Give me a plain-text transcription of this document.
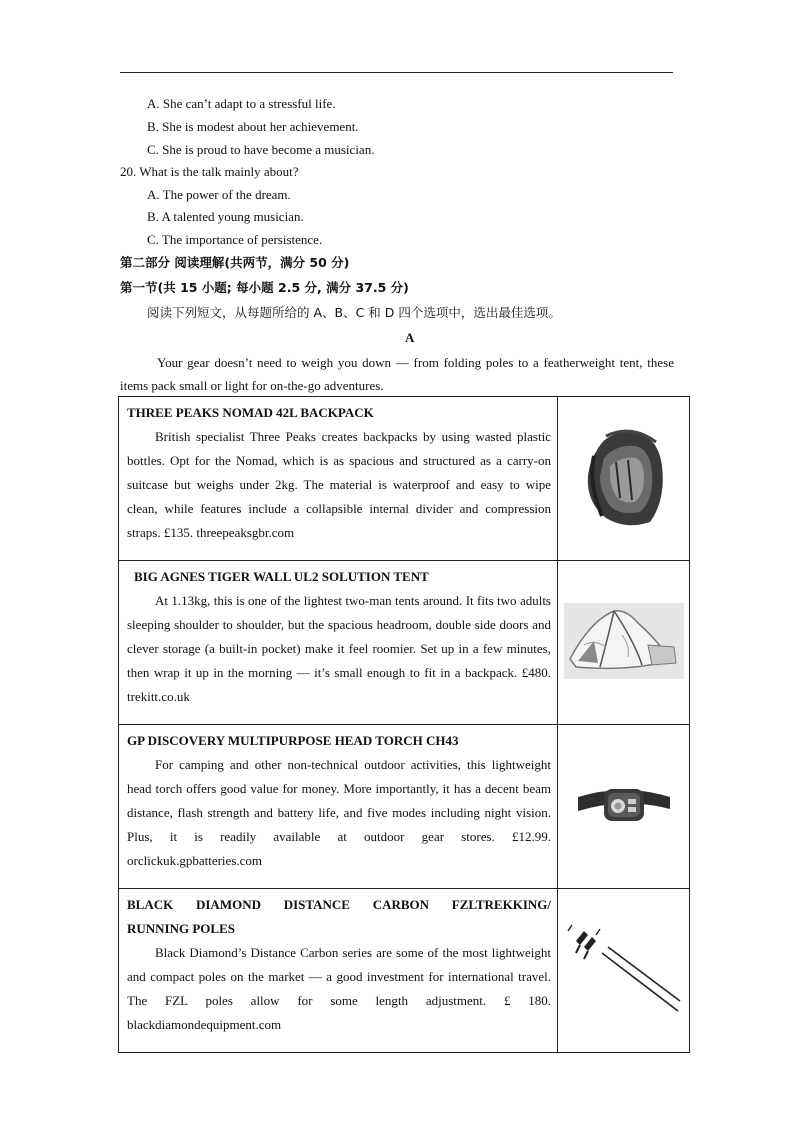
A. She can’t adapt to a stressful life.
B. She is modest about her achievement.
C. She is proud to have become a musician.
20. What is the talk mainly about?
A. The power of the dream.
B. A talented young musician.
C. The importance of persistence.
第二部分 阅读理解(共两节，满分 50 分)
第一节(共 15 小题; 每小题 2.5 分, 满分 37.5 分)
阅读下列短文，从每题所给的 A、B、C 和 D 四个选项中，选出最佳选项。
A

Your gear doesn’t need to weigh you down — from folding poles to a featherweight tent, these items pack small or light for on-the-go adventures.

THREE PEAKS NOMAD 42L BACKPACK

British specialist Three Peaks creates backpacks by using wasted plastic bottles. Opt for the Nomad, which is as spacious and structured as a carry-on suitcase but weighs under 2kg. The material is waterproof and easy to wipe clean, while features include a collapsible internal divider and compression straps. £135. threepeaksgbr.com

BIG AGNES TIGER WALL UL2 SOLUTION TENT

At 1.13kg, this is one of the lightest two-man tents around. It fits two adults sleeping shoulder to shoulder, but the spacious headroom, double side doors and clever storage (a built-in pocket) make it feel roomier. Set up in a few minutes, then wrap it up in the morning — it’s small enough to fit in a backpack. £480. trekitt.co.uk

GP DISCOVERY MULTIPURPOSE HEAD TORCH CH43

For camping and other non-technical outdoor activities, this lightweight head torch offers good value for money. More importantly, it has a decent beam distance, flash strength and battery life, and five modes including night vision. Plus, it is readily available at outdoor gear stores. £12.99. orclickuk.gpbatteries.com

BLACK DIAMOND DISTANCE CARBON FZLTREKKING/
RUNNING POLES

Black Diamond’s Distance Carbon series are some of the most lightweight and compact poles on the market — a good investment for international travel. The FZL poles allow for some length adjustment. £ 180. blackdiamondequipment.com
